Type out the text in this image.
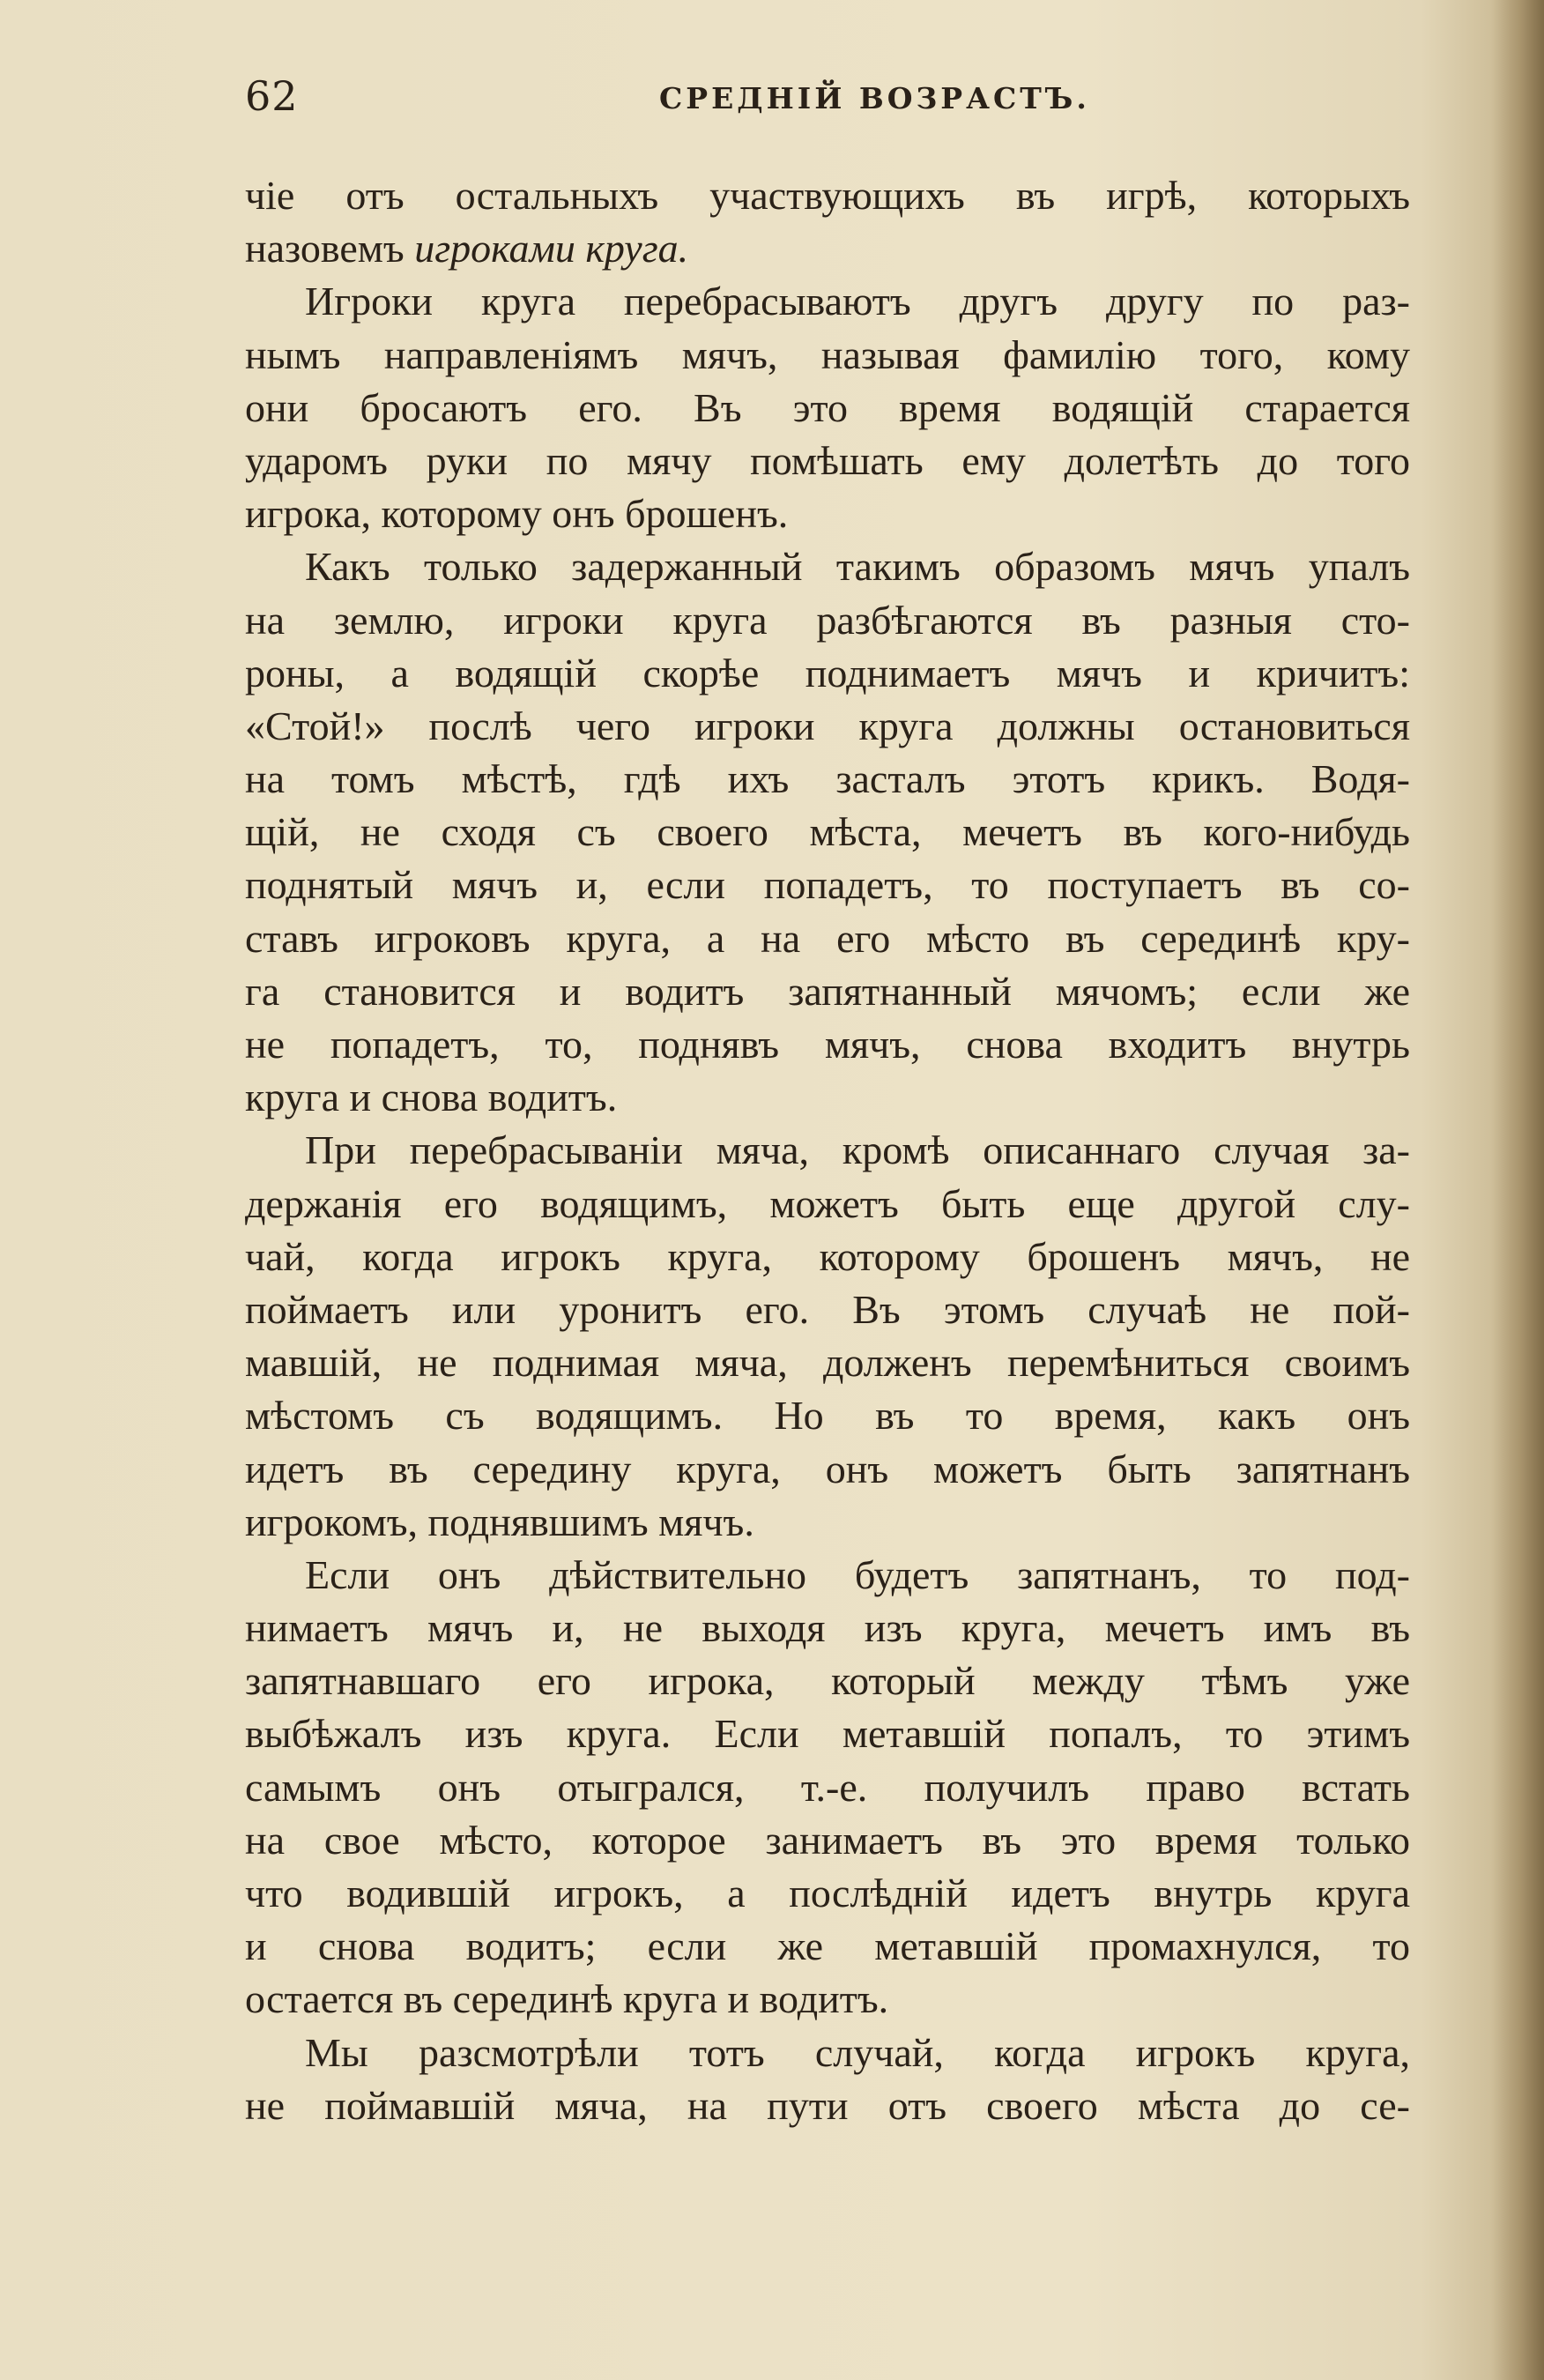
62	СРЕДНІЙ ВОЗРАСТЪ.
чіе отъ остальныхъ участвующихъ въ игрѣ, которыхъ
назовемъ игроками круга.
Игроки круга перебрасываютъ другъ другу по раз-
нымъ направленіямъ мячъ, называя фамилію того, кому
они бросаютъ его. Въ это время водящій старается
ударомъ руки по мячу помѣшать ему долетѣть до того
игрока, которому онъ брошенъ.
Какъ только задержанный такимъ образомъ мячъ упалъ
на землю, игроки круга разбѣгаются въ разныя сто-
роны, а водящій скорѣе поднимаетъ мячъ и кричитъ:
«Стой!» послѣ чего игроки круга должны остановиться
на томъ мѣстѣ, гдѣ ихъ засталъ этотъ крикъ. Водя-
щій, не сходя съ своего мѣста, мечетъ въ кого-нибудь
поднятый мячъ и, если попадетъ, то поступаетъ въ со-
ставъ игроковъ круга, а на его мѣсто въ серединѣ кру-
га становится и водитъ запятнанный мячомъ; если же
не попадетъ, то, поднявъ мячъ, снова входитъ внутрь
круга и снова водитъ.
При перебрасываніи мяча, кромѣ описаннаго случая за-
держанія его водящимъ, можетъ быть еще другой слу-
чай, когда игрокъ круга, которому брошенъ мячъ, не
поймаетъ или уронитъ его. Въ этомъ случаѣ не пой-
мавшій, не поднимая мяча, долженъ перемѣниться своимъ
мѣстомъ съ водящимъ. Но въ то время, какъ онъ
идетъ въ середину круга, онъ можетъ быть запятнанъ
игрокомъ, поднявшимъ мячъ.
Если онъ дѣйствительно будетъ запятнанъ, то под-
нимаетъ мячъ и, не выходя изъ круга, мечетъ имъ въ
запятнавшаго его игрока, который между тѣмъ уже
выбѣжалъ изъ круга. Если метавшій попалъ, то этимъ
самымъ онъ отыгрался, т.-е. получилъ право встать
на свое мѣсто, которое занимаетъ въ это время только
что водившій игрокъ, а послѣдній идетъ внутрь круга
и снова водитъ; если же метавшій промахнулся, то
остается въ серединѣ круга и водитъ.
Мы разсмотрѣли тотъ случай, когда игрокъ круга,
не поймавшій мяча, на пути отъ своего мѣста до се-
